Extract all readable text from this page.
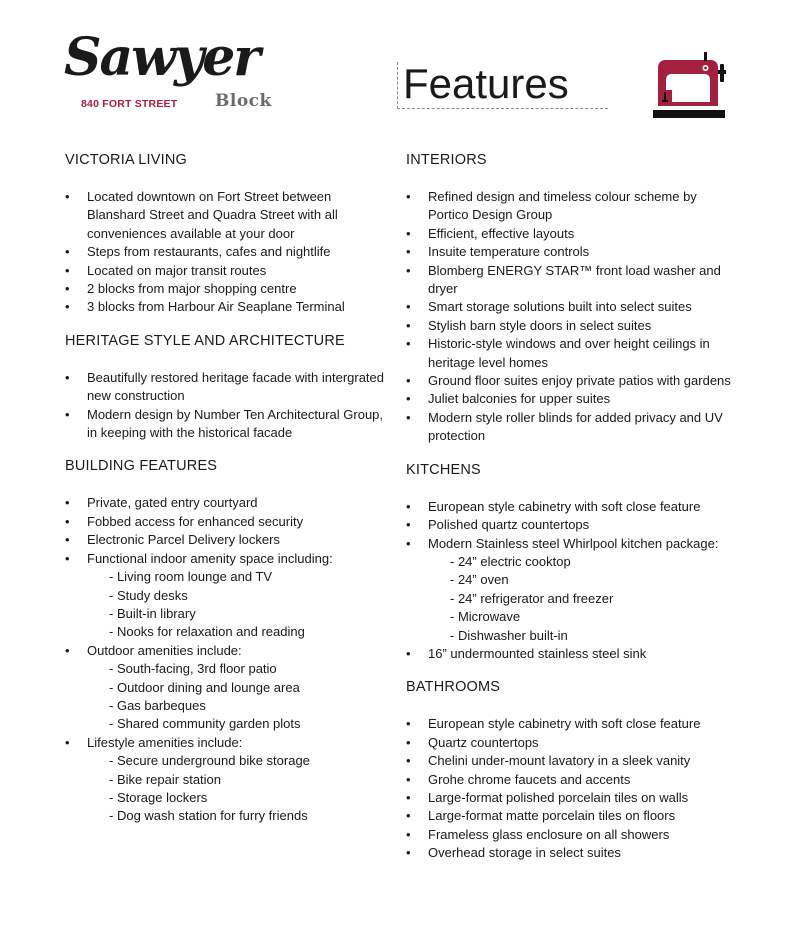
Sawyer
840 FORT STREET Block	Features
VICTORIA LIVING
• Located downtown on Fort Street between Blanshard Street and Quadra Street with all conveniences available at your door
• Steps from restaurants, cafes and nightlife
• Located on major transit routes
• 2 blocks from major shopping centre
• 3 blocks from Harbour Air Seaplane Terminal
HERITAGE STYLE AND ARCHITECTURE
• Beautifully restored heritage facade with intergrated new construction
• Modern design by Number Ten Architectural Group, in keeping with the historical facade
BUILDING FEATURES
• Private, gated entry courtyard
• Fobbed access for enhanced security
• Electronic Parcel Delivery lockers
• Functional indoor amenity space including:
- Living room lounge and TV
- Study desks
- Built-in library
- Nooks for relaxation and reading
• Outdoor amenities include:
- South-facing, 3rd floor patio
- Outdoor dining and lounge area
- Gas barbeques
- Shared community garden plots
• Lifestyle amenities include:
- Secure underground bike storage
- Bike repair station
- Storage lockers
- Dog wash station for furry friends
INTERIORS
• Refined design and timeless colour scheme by Portico Design Group
• Efficient, effective layouts
• Insuite temperature controls
• Blomberg ENERGY STAR™ front load washer and dryer
• Smart storage solutions built into select suites
• Stylish barn style doors in select suites
• Historic-style windows and over height ceilings in heritage level homes
• Ground floor suites enjoy private patios with gardens
• Juliet balconies for upper suites
• Modern style roller blinds for added privacy and UV protection
KITCHENS
• European style cabinetry with soft close feature
• Polished quartz countertops
• Modern Stainless steel Whirlpool kitchen package:
- 24” electric cooktop
- 24” oven
- 24” refrigerator and freezer
- Microwave
- Dishwasher built-in
• 16” undermounted stainless steel sink
BATHROOMS
• European style cabinetry with soft close feature
• Quartz countertops
• Chelini under-mount lavatory in a sleek vanity
• Grohe chrome faucets and accents
• Large-format polished porcelain tiles on walls
• Large-format matte porcelain tiles on floors
• Frameless glass enclosure on all showers
• Overhead storage in select suites
